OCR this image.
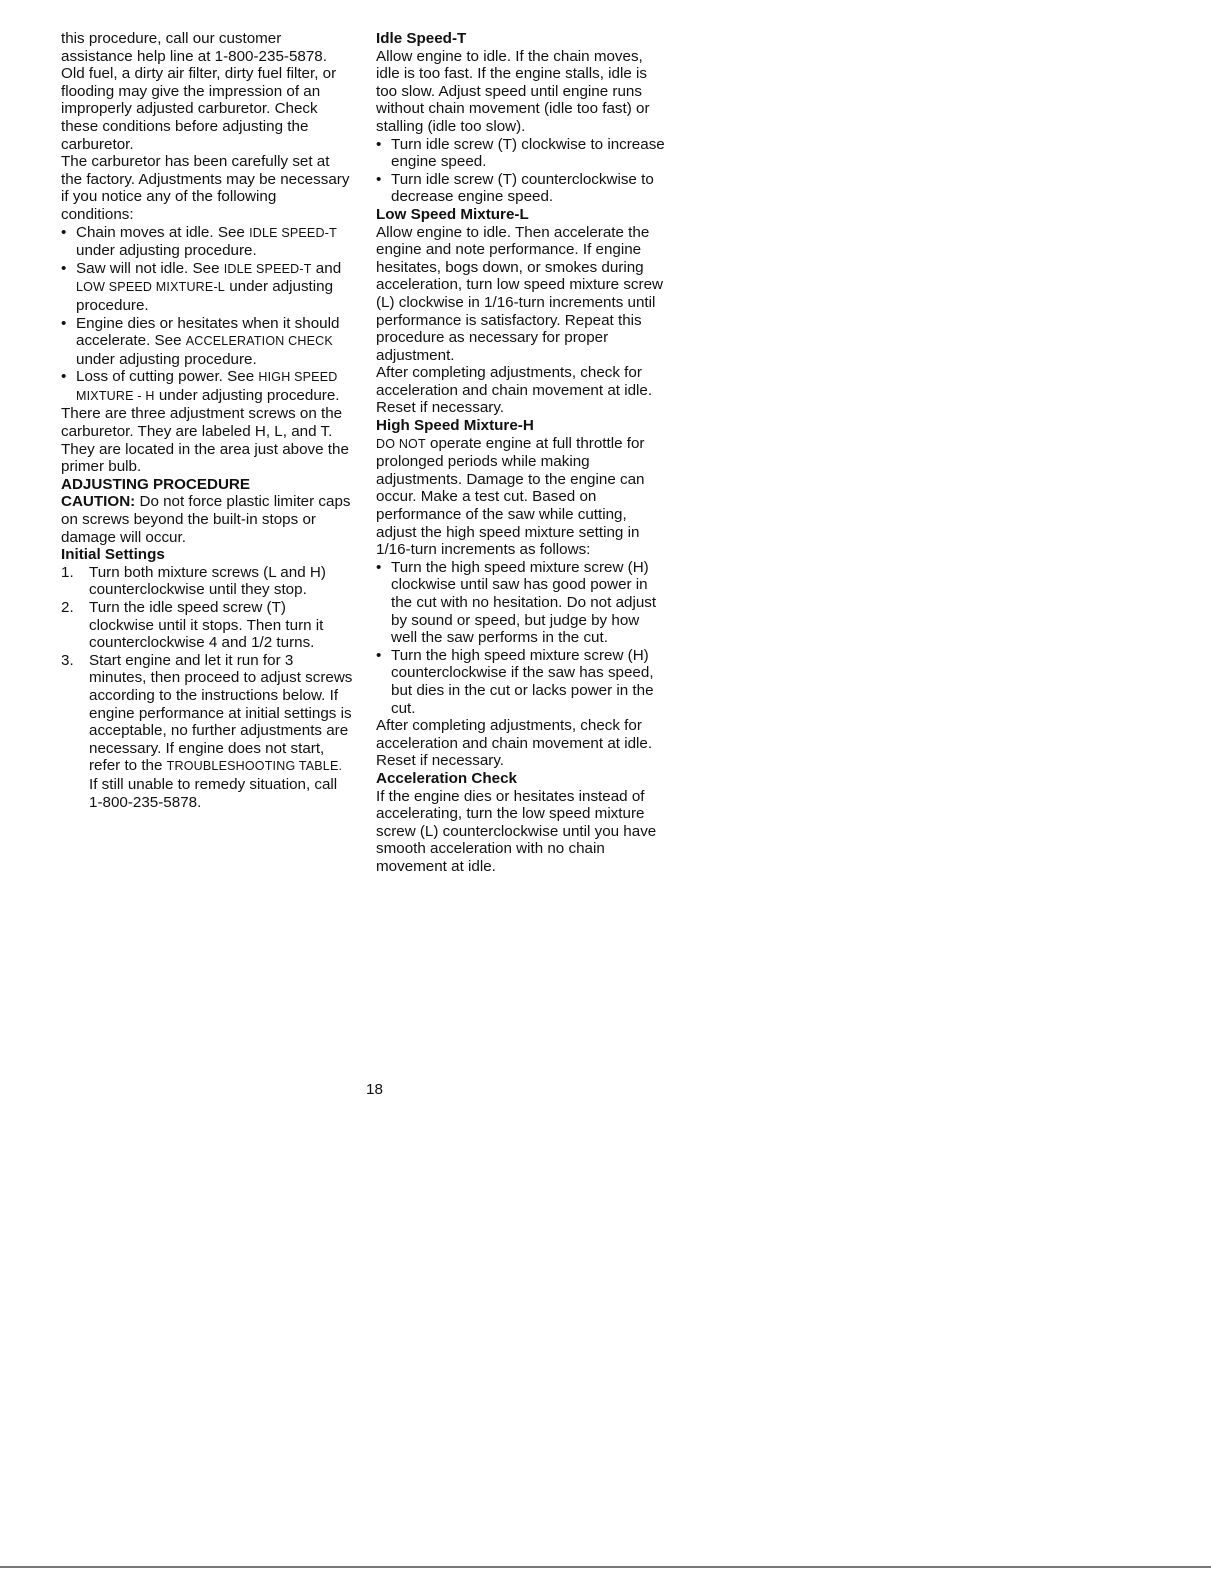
this procedure, call our customer assistance help line at 1-800-235-5878.

Old fuel, a dirty air filter, dirty fuel filter, or flooding may give the impression of an improperly adjusted carburetor. Check these conditions before adjusting the carburetor.

The carburetor has been carefully set at the factory. Adjustments may be necessary if you notice any of the following conditions:

• Chain moves at idle. See IDLE SPEED-T under adjusting procedure.
• Saw will not idle. See IDLE SPEED-T and LOW SPEED MIXTURE-L under adjusting procedure.
• Engine dies or hesitates when it should accelerate. See ACCELERATION CHECK under adjusting procedure.
• Loss of cutting power. See HIGH SPEED MIXTURE - H under adjusting procedure.

There are three adjustment screws on the carburetor. They are labeled H, L, and T. They are located in the area just above the primer bulb.

ADJUSTING PROCEDURE

CAUTION: Do not force plastic limiter caps on screws beyond the built-in stops or damage will occur.

Initial Settings

1. Turn both mixture screws (L and H) counterclockwise until they stop.
2. Turn the idle speed screw (T) clockwise until it stops. Then turn it counterclockwise 4 and 1/2 turns.
3. Start engine and let it run for 3 minutes, then proceed to adjust screws according to the instructions below. If engine performance at initial settings is acceptable, no further adjustments are necessary. If engine does not start, refer to the TROUBLESHOOTING TABLE. If still unable to remedy situation, call 1-800-235-5878.

Idle Speed-T

Allow engine to idle. If the chain moves, idle is too fast. If the engine stalls, idle is too slow. Adjust speed until engine runs without chain movement (idle too fast) or stalling (idle too slow).

• Turn idle screw (T) clockwise to increase engine speed.
• Turn idle screw (T) counterclockwise to decrease engine speed.

Low Speed Mixture-L

Allow engine to idle. Then accelerate the engine and note performance. If engine hesitates, bogs down, or smokes during acceleration, turn low speed mixture screw (L) clockwise in 1/16-turn increments until performance is satisfactory. Repeat this procedure as necessary for proper adjustment.

After completing adjustments, check for acceleration and chain movement at idle. Reset if necessary.

High Speed Mixture-H

DO NOT operate engine at full throttle for prolonged periods while making adjustments. Damage to the engine can occur. Make a test cut. Based on performance of the saw while cutting, adjust the high speed mixture setting in 1/16-turn increments as follows:

• Turn the high speed mixture screw (H) clockwise until saw has good power in the cut with no hesitation. Do not adjust by sound or speed, but judge by how well the saw performs in the cut.
• Turn the high speed mixture screw (H) counterclockwise if the saw has speed, but dies in the cut or lacks power in the cut.

After completing adjustments, check for acceleration and chain movement at idle. Reset if necessary.

Acceleration Check

If the engine dies or hesitates instead of accelerating, turn the low speed mixture screw (L) counterclockwise until you have smooth acceleration with no chain movement at idle.

18
